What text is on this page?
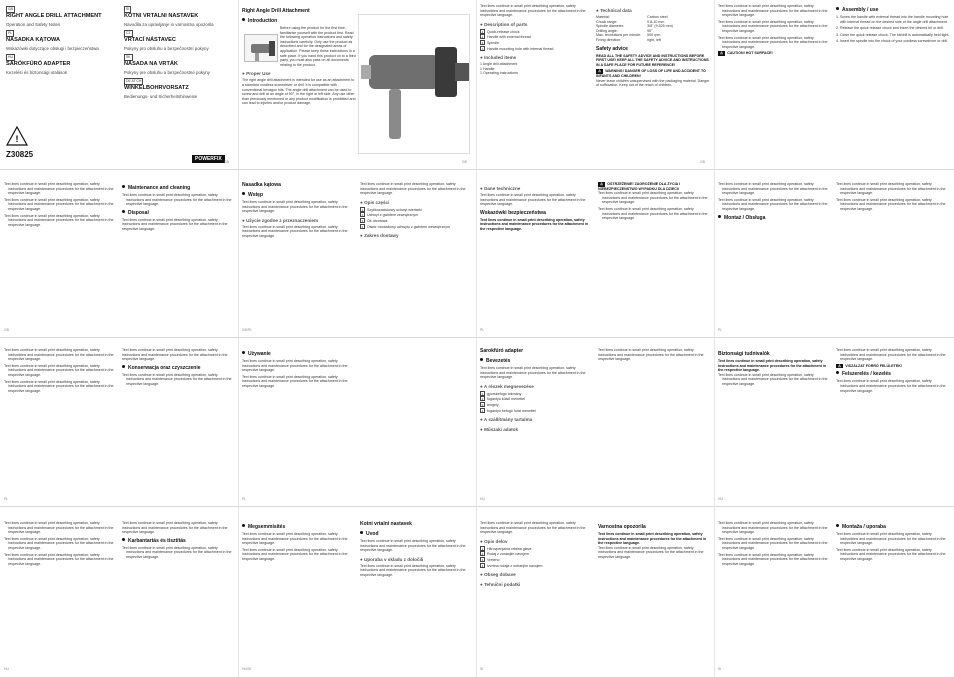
GB
RIGHT ANGLE DRILL ATTACHMENT
Operation and Safety Notes
PL
NASADKA KĄTOWA
Wskazówki dotyczące obsługi i bezpieczeństwa
HU
SARÓKFÚRÓ ADAPTER
Kezelési és biztonsági utalások
SI
KOTNI VRTALNI NASTAVEK
Navodila za upravljanje in varnostna opozorila
CZ
VRTACÍ NÁSTAVEC
Pokyny pro obsluhu a bezpečnostní pokyny
SK
NÁSADA NA VRTÁK
Pokyny pre obsluhu a bezpečnostné pokyny
DE AT CH
WINKELBOHRVORSATZ
Bedienungs- und Sicherheitshinweise
!
Z30825	POWERFIX
Right Angle Drill Attachment
Introduction
Before using the product for the first time, familiarise yourself with the product first. Read the following operation instructions and safety instructions carefully. Only use the product as described and for the designated areas of application. Please keep these instructions in a safe place. If you hand this product on to a third party, you must also pass on all documents relating to the product.
● Proper Use
The right angle drill attachment is intended for use as an attachment to a standard cordless screwdriver or drill. It is compatible with conventional hexagon bits. The angle drill attachment can be used to screw and drill at an angle of 90°, in the right or left side. Any use other than previously mentioned or any product modification is prohibited and can lead to injuries and/or product damage.
Text lines continue in small print describing operation, safety instructions and maintenance procedures for the attachment in the respective language.
● Description of parts
1 Quick-release chuck
2 Handle with external thread
3 Spindle
4 Handle mounting hole with internal thread
● Included items
1 Angle drill attachment
1 Handle
1 Operating instructions
● Technical data
Material:	Carbon steel
Chuck range:	0.8-10 mm
Spindle diameter:	3/8" (9.525 mm)
Drilling angle:	90°
Max. revolutions per minute:	500 rpm
Fixing direction:	right, left
Safety advice
READ ALL THE SAFETY ADVICE AND INSTRUCTIONS BEFORE FIRST USE! KEEP ALL THE SAFETY ADVICE AND INSTRUCTIONS IN A SAFE PLACE FOR FUTURE REFERENCE!
⚠ WARNING! DANGER OF LOSS OF LIFE AND ACCIDENT TO INFANTS AND CHILDREN!
Never leave children unsupervised with the packaging material. Danger of suffocation. Keep out of the reach of children.
Text lines continue in small print describing operation, safety instructions and maintenance procedures for the attachment in the respective language.
Text lines continue in small print describing operation, safety instructions and maintenance procedures for the attachment in the respective language.
Text lines continue in small print describing operation, safety instructions and maintenance procedures for the attachment in the respective language.
⚠ CAUTION! HOT SURFACE!
Assembly / use
1. Screw the handle with external thread into the handle mounting hole with internal thread on the desired side of the angle drill attachment.
2. Release the quick release chuck and insert the desired bit or drill.
3. Close the quick release chuck. The bit/drill is automatically held tight.
4. Insert the spindle into the chuck of your cordless screwdriver or drill.
Text lines continue in small print describing operation, safety instructions and maintenance procedures for the attachment in the respective language.
Text lines continue in small print describing operation, safety instructions and maintenance procedures for the attachment in the respective language.
Text lines continue in small print describing operation, safety instructions and maintenance procedures for the attachment in the respective language.
Maintenance and cleaning
Text lines continue in small print describing operation, safety instructions and maintenance procedures for the attachment in the respective language.
Disposal
Text lines continue in small print describing operation, safety instructions and maintenance procedures for the attachment in the respective language.
Nasadka kątowa
Wstęp
Text lines continue in small print describing operation, safety instructions and maintenance procedures for the attachment in the respective language.
● Użycie zgodne z przeznaczeniem
Text lines continue in small print describing operation, safety instructions and maintenance procedures for the attachment in the respective language.
Text lines continue in small print describing operation, safety instructions and maintenance procedures for the attachment in the respective language.
● Opis części
1 Szybkozaciskowy uchwyt wiertarki
2 Uchwyt z gwintem zewnętrznym
3 Oś obrotowa
4 Otwór montażowy uchwytu z gwintem wewnętrznym
● Zakres dostawy
● Dane techniczne
Text lines continue in small print describing operation, safety instructions and maintenance procedures for the attachment in the respective language.
Wskazówki bezpieczeństwa
Text lines continue in small print describing operation, safety instructions and maintenance procedures for the attachment in the respective language.
⚠ OSTRZEŻENIE! ZAGROŻENIE DLA ŻYCIA I NIEBEZPIECZEŃSTWO WYPADKU DLA DZIECI!
Text lines continue in small print describing operation, safety instructions and maintenance procedures for the attachment in the respective language.
Text lines continue in small print describing operation, safety instructions and maintenance procedures for the attachment in the respective language.
Text lines continue in small print describing operation, safety instructions and maintenance procedures for the attachment in the respective language.
Text lines continue in small print describing operation, safety instructions and maintenance procedures for the attachment in the respective language.
Montaż / Obsługa
Text lines continue in small print describing operation, safety instructions and maintenance procedures for the attachment in the respective language.
Text lines continue in small print describing operation, safety instructions and maintenance procedures for the attachment in the respective language.
Text lines continue in small print describing operation, safety instructions and maintenance procedures for the attachment in the respective language.
Text lines continue in small print describing operation, safety instructions and maintenance procedures for the attachment in the respective language.
Text lines continue in small print describing operation, safety instructions and maintenance procedures for the attachment in the respective language.
Text lines continue in small print describing operation, safety instructions and maintenance procedures for the attachment in the respective language.
Konserwacja oraz czyszczenie
Text lines continue in small print describing operation, safety instructions and maintenance procedures for the attachment in the respective language.
Używanie
Text lines continue in small print describing operation, safety instructions and maintenance procedures for the attachment in the respective language.
Text lines continue in small print describing operation, safety instructions and maintenance procedures for the attachment in the respective language.
Sarokfúró adapter
Bevezetés
Text lines continue in small print describing operation, safety instructions and maintenance procedures for the attachment in the respective language.
● A részek megnevezése
1 gyorsbefogó tokmány
2 fogantyú külső menettel
3 tengely
4 fogantyú befogó furat menettel
● A szállítmány tartalma
● Műszaki adatok
Text lines continue in small print describing operation, safety instructions and maintenance procedures for the attachment in the respective language.
Biztonsági tudnivalók
Text lines continue in small print describing operation, safety instructions and maintenance procedures for the attachment in the respective language.
Text lines continue in small print describing operation, safety instructions and maintenance procedures for the attachment in the respective language.
Text lines continue in small print describing operation, safety instructions and maintenance procedures for the attachment in the respective language.
⚠ VISZÁLZAT FORRÓ FELÜLETEK!
Felszerelés / kezelés
Text lines continue in small print describing operation, safety instructions and maintenance procedures for the attachment in the respective language.
Text lines continue in small print describing operation, safety instructions and maintenance procedures for the attachment in the respective language.
Text lines continue in small print describing operation, safety instructions and maintenance procedures for the attachment in the respective language.
Text lines continue in small print describing operation, safety instructions and maintenance procedures for the attachment in the respective language.
Text lines continue in small print describing operation, safety instructions and maintenance procedures for the attachment in the respective language.
Karbantartás és tisztítás
Text lines continue in small print describing operation, safety instructions and maintenance procedures for the attachment in the respective language.
Megsemmisítés
Text lines continue in small print describing operation, safety instructions and maintenance procedures for the attachment in the respective language.
Text lines continue in small print describing operation, safety instructions and maintenance procedures for the attachment in the respective language.
Kotni vrtalni nastavek
Uvod
Text lines continue in small print describing operation, safety instructions and maintenance procedures for the attachment in the respective language.
● Uporaba v skladu z določili
Text lines continue in small print describing operation, safety instructions and maintenance procedures for the attachment in the respective language.
Text lines continue in small print describing operation, safety instructions and maintenance procedures for the attachment in the respective language.
● Opis delov
1 Hitrovpenjalna vrtalna glava
2 Ročaj z zunanjim navojem
3 Vreteno
4 Izvrtina ročaja z notranjim navojem
● Obseg dobave
● Tehnični podatki
Varnostna opozorila
Text lines continue in small print describing operation, safety instructions and maintenance procedures for the attachment in the respective language.
Text lines continue in small print describing operation, safety instructions and maintenance procedures for the attachment in the respective language.
Text lines continue in small print describing operation, safety instructions and maintenance procedures for the attachment in the respective language.
Text lines continue in small print describing operation, safety instructions and maintenance procedures for the attachment in the respective language.
Text lines continue in small print describing operation, safety instructions and maintenance procedures for the attachment in the respective language.
Montaža / uporaba
Text lines continue in small print describing operation, safety instructions and maintenance procedures for the attachment in the respective language.
Text lines continue in small print describing operation, safety instructions and maintenance procedures for the attachment in the respective language.
GB	GB	GB
GB	GB/PL	PL	PL
PL	PL	HU	HU
HU	HU/SI	SI	SI
